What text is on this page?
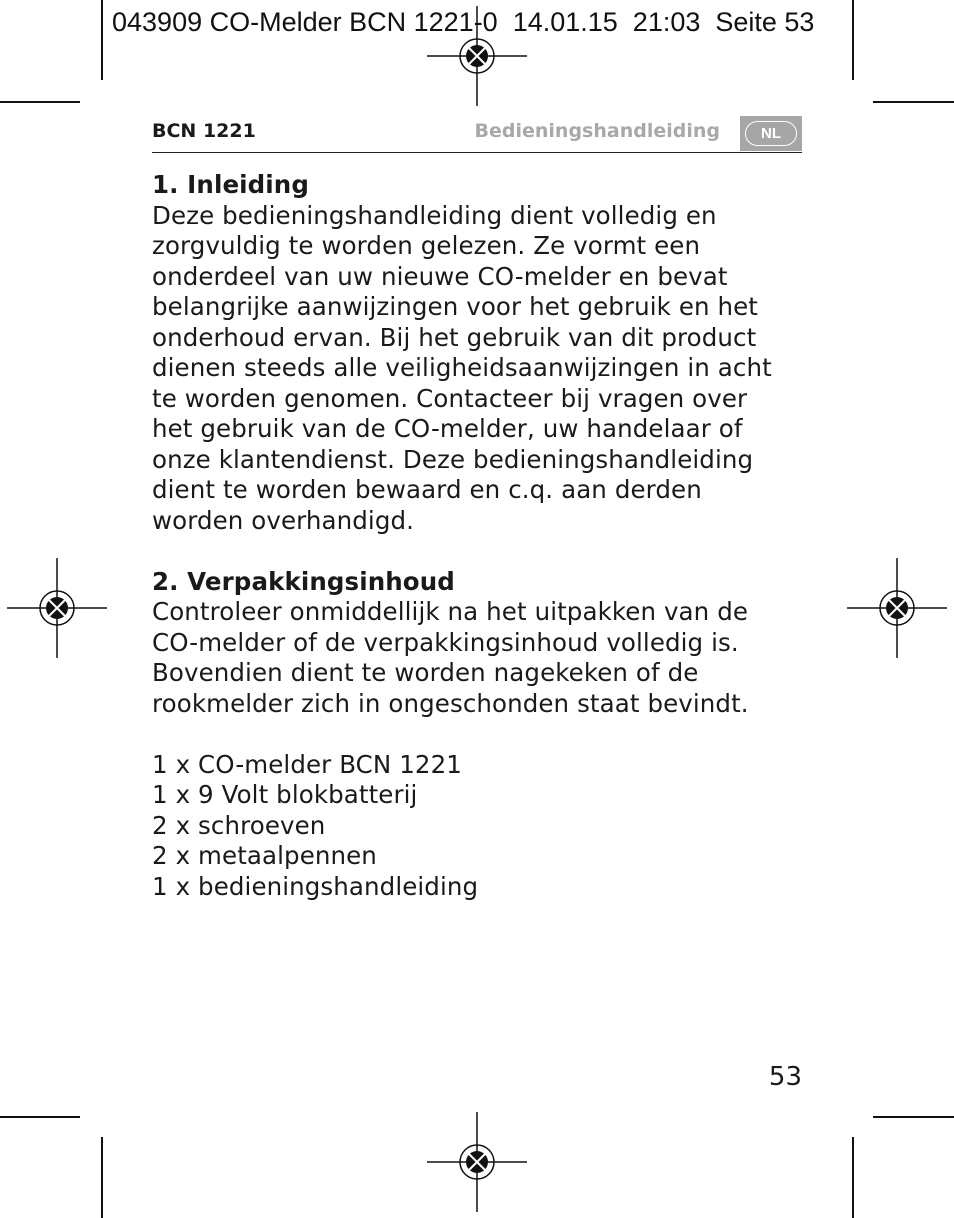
043909 CO-Melder BCN 1221-0  14.01.15  21:03  Seite 53
BCN 1221	Bedieningshandleiding	NL
1. Inleiding
Deze bedieningshandleiding dient volledig en
zorgvuldig te worden gelezen. Ze vormt een
onderdeel van uw nieuwe CO-melder en bevat
belangrijke aanwijzingen voor het gebruik en het
onderhoud ervan. Bij het gebruik van dit product
dienen steeds alle veiligheidsaanwijzingen in acht
te worden genomen. Contacteer bij vragen over
het gebruik van de CO-melder, uw handelaar of
onze klantendienst. Deze bedieningshandleiding
dient te worden bewaard en c.q. aan derden
worden overhandigd.
2. Verpakkingsinhoud
Controleer onmiddellijk na het uitpakken van de
CO-melder of de verpakkingsinhoud volledig is.
Bovendien dient te worden nagekeken of de
rookmelder zich in ongeschonden staat bevindt.
1 x CO-melder BCN 1221
1 x 9 Volt blokbatterij
2 x schroeven
2 x metaalpennen
1 x bedieningshandleiding
53
